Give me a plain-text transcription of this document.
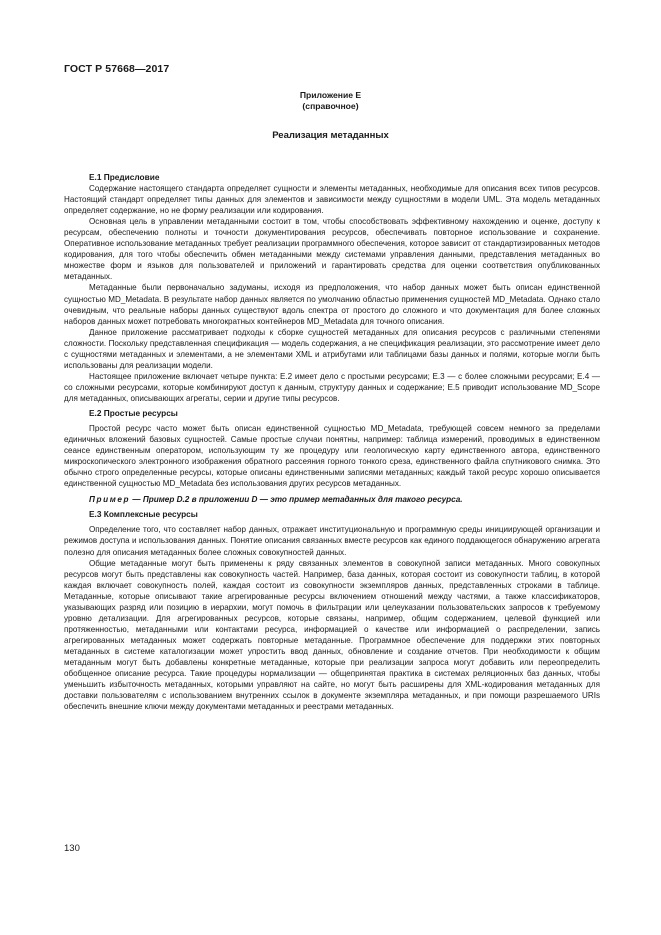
ГОСТ Р 57668—2017
Приложение Е
(справочное)
Реализация метаданных
Е.1 Предисловие

Содержание настоящего стандарта определяет сущности и элементы метаданных, необходимые для описания всех типов ресурсов. Настоящий стандарт определяет типы данных для элементов и зависимости между сущностями в модели UML. Эта модель метаданных определяет содержание, но не форму реализации или кодирования.

Основная цель в управлении метаданными состоит в том, чтобы способствовать эффективному нахождению и оценке, доступу к ресурсам, обеспечению полноты и точности документирования ресурсов, обеспечивать повторное использование и сохранение. Оперативное использование метаданных требует реализации программного обеспечения, которое зависит от стандартизированных методов кодирования, для того чтобы обеспечить обмен метаданными между системами управления данными, представления метаданных во множестве форм и языков для пользователей и приложений и гарантировать средства для оценки соответствия опубликованных метаданных.

Метаданные были первоначально задуманы, исходя из предположения, что набор данных может быть описан единственной сущностью MD_Metadata. В результате набор данных является по умолчанию областью применения сущностей MD_Metadata. Однако стало очевидным, что реальные наборы данных существуют вдоль спектра от простого до сложного и что документация для более сложных наборов данных может потребовать многократных контейнеров MD_Metadata для точного описания.

Данное приложение рассматривает подходы к сборке сущностей метаданных для описания ресурсов с различными степенями сложности. Поскольку представленная спецификация — модель содержания, а не спецификация реализации, это рассмотрение имеет дело с сущностями метаданных и элементами, а не элементами XML и атрибутами или таблицами базы данных и полями, которые могли быть использованы для реализации модели.

Настоящее приложение включает четыре пункта: Е.2 имеет дело с простыми ресурсами; Е.3 — с более сложными ресурсами; Е.4 — со сложными ресурсами, которые комбинируют доступ к данным, структуру данных и содержание; Е.5 приводит использование MD_Scope для метаданных, описывающих агрегаты, серии и другие типы ресурсов.

Е.2 Простые ресурсы

Простой ресурс часто может быть описан единственной сущностью MD_Metadata, требующей совсем немного за пределами единичных вложений базовых сущностей. Самые простые случаи понятны, например: таблица измерений, проводимых в единственном сеансе единственным оператором, использующим ту же процедуру или геологическую карту единственного автора, единственного микроскопического электронного изображения обратного рассеяния горного тонкого среза, единственного файла спутникового снимка. Это обычно строго определенные ресурсы, которые описаны единственными записями метаданных; каждый такой ресурс хорошо описывается единственной сущностью MD_Metadata без использования других ресурсов метаданных.

Пример — Пример D.2 в приложении D — это пример метаданных для такого ресурса.

Е.3 Комплексные ресурсы

Определение того, что составляет набор данных, отражает институциональную и программную среды инициирующей организации и режимов доступа и использования данных. Понятие описания связанных вместе ресурсов как единого поддающегося обнаружению агрегата полезно для описания метаданных более сложных совокупностей данных.

Общие метаданные могут быть применены к ряду связанных элементов в совокупной записи метаданных. Много совокупных ресурсов могут быть представлены как совокупность частей. Например, база данных, которая состоит из совокупности таблиц, в которой каждая включает совокупность полей, каждая состоит из совокупности экземпляров данных, представленных строками в таблице. Метаданные, которые описывают такие агрегированные ресурсы включением отношений между частями, а также классификаторов, указывающих разряд или позицию в иерархии, могут помочь в фильтрации или целеуказании пользовательских запросов к требуемому уровню детализации. Для агрегированных ресурсов, которые связаны, например, общим содержанием, целевой функцией или протяженностью, метаданными или контактами ресурса, информацией о качестве или информацией о распределении, запись агрегированных метаданных может содержать повторные метаданные. Программное обеспечение для поддержки этих повторных метаданных в системе каталогизации может упростить ввод данных, обновление и создание отчетов. При необходимости к общим метаданным могут быть добавлены конкретные метаданные, которые при реализации запроса могут добавить или переопределить обобщенное описание ресурса. Такие процедуры нормализации — общепринятая практика в системах реляционных баз данных, чтобы уменьшить избыточность метаданных, которыми управляют на сайте, но могут быть расширены для XML-кодирования метаданных для доставки пользователям с использованием внутренних ссылок в документе экземпляра метаданных, и при помощи разрешаемого URIs обеспечить внешние ключи между документами метаданных и реестрами метаданных.

130
